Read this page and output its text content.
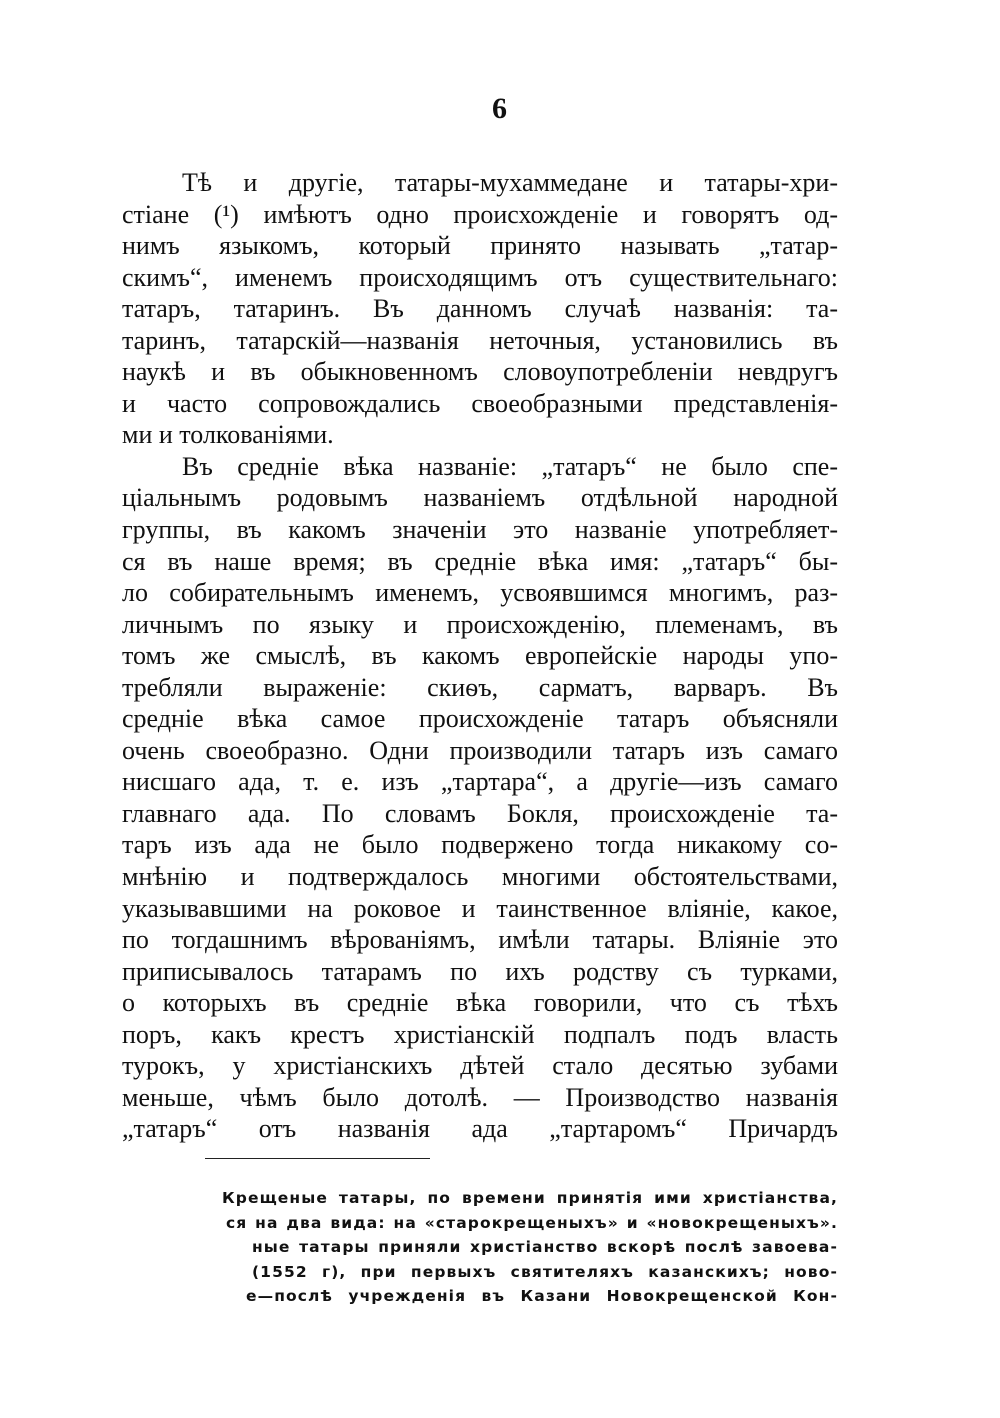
6
Тѣ и другіе, татары-мухаммедане и татары-хри-
стіане (¹) имѣютъ одно происхожденіе и говорятъ од-
нимъ языкомъ, который принято называть „татар-
скимъ“, именемъ происходящимъ отъ существительнаго:
татаръ, татаринъ. Въ данномъ случаѣ названія: та-
таринъ, татарскій—названія неточныя, установились въ
наукѣ и въ обыкновенномъ словоупотребленіи невдругъ
и часто сопровождались своеобразными представленія-
ми и толкованіями.
Въ средніе вѣка названіе: „татаръ“ не было спе-
ціальнымъ родовымъ названіемъ отдѣльной народной
группы, въ какомъ значеніи это названіе употребляет-
ся въ наше время; въ средніе вѣка имя: „татаръ“ бы-
ло собирательнымъ именемъ, усвоявшимся многимъ, раз-
личнымъ по языку и происхожденію, племенамъ, въ
томъ же смыслѣ, въ какомъ европейскіе народы упо-
требляли выраженіе: скиѳъ, сарматъ, варваръ. Въ
средніе вѣка самое происхожденіе татаръ объясняли
очень своеобразно. Одни производили татаръ изъ самаго
нисшаго ада, т. е. изъ „тартара“, а другіе—изъ самаго
главнаго ада. По словамъ Бокля, происхожденіе та-
таръ изъ ада не было подвержено тогда никакому со-
мнѣнію и подтверждалось многими обстоятельствами,
указывавшими на роковое и таинственное вліяніе, какое,
по тогдашнимъ вѣрованіямъ, имѣли татары. Вліяніе это
приписывалось татарамъ по ихъ родству съ турками,
о которыхъ въ средніе вѣка говорили, что съ тѣхъ
поръ, какъ крестъ христіанскій подпалъ подъ власть
турокъ, у христіанскихъ дѣтей стало десятью зубами
меньше, чѣмъ было дотолѣ. — Производство названія
„татаръ“ отъ названія ада „тартаромъ“ Причардъ
Крещеные татары, по времени принятія ими христіанства,
ся на два вида: на «старокрещеныхъ» и «новокрещеныхъ».
ные татары приняли христіанство вскорѣ послѣ завоева-
(1552 г), при первыхъ святителяхъ казанскихъ; ново-
е—послѣ учрежденія въ Казани Новокрещенской Кон-
